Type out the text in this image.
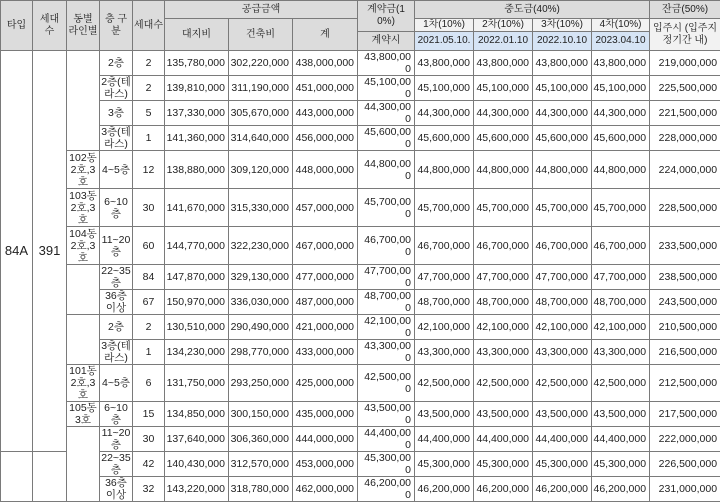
타입	세대 수	동별 라인별	층 구분	세대수	공급금액			계약금(10%)	중도금(40%)				잔금(50%)
					대지비	건축비	계		1차(10%)	2차(10%)	3차(10%)	4차(10%)	입주시 (입주지정기간 내)
								계약시	2021.05.10.	2022.01.10	2022.10.10	2023.04.10	
84A	391		2층	2	135,780,000	302,220,000	438,000,000	43,800,000	43,800,000	43,800,000	43,800,000	43,800,000	219,000,000
			2층(테라스)	2	139,810,000	311,190,000	451,000,000	45,100,000	45,100,000	45,100,000	45,100,000	45,100,000	225,500,000
			3층	5	137,330,000	305,670,000	443,000,000	44,300,000	44,300,000	44,300,000	44,300,000	44,300,000	221,500,000
			3층(테라스)	1	141,360,000	314,640,000	456,000,000	45,600,000	45,600,000	45,600,000	45,600,000	45,600,000	228,000,000
		102동 2호,3호	4~5층	12	138,880,000	309,120,000	448,000,000	44,800,000	44,800,000	44,800,000	44,800,000	44,800,000	224,000,000
		103동 2호,3호	6~10층	30	141,670,000	315,330,000	457,000,000	45,700,000	45,700,000	45,700,000	45,700,000	45,700,000	228,500,000
		104동 2호,3호	11~20층	60	144,770,000	322,230,000	467,000,000	46,700,000	46,700,000	46,700,000	46,700,000	46,700,000	233,500,000
			22~35층	84	147,870,000	329,130,000	477,000,000	47,700,000	47,700,000	47,700,000	47,700,000	47,700,000	238,500,000
			36층이상	67	150,970,000	336,030,000	487,000,000	48,700,000	48,700,000	48,700,000	48,700,000	48,700,000	243,500,000
			2층	2	130,510,000	290,490,000	421,000,000	42,100,000	42,100,000	42,100,000	42,100,000	42,100,000	210,500,000
			3층(테라스)	1	134,230,000	298,770,000	433,000,000	43,300,000	43,300,000	43,300,000	43,300,000	43,300,000	216,500,000
		101동 2호,3호	4~5층	6	131,750,000	293,250,000	425,000,000	42,500,000	42,500,000	42,500,000	42,500,000	42,500,000	212,500,000
		105동 3호	6~10층	15	134,850,000	300,150,000	435,000,000	43,500,000	43,500,000	43,500,000	43,500,000	43,500,000	217,500,000
			11~20층	30	137,640,000	306,360,000	444,000,000	44,400,000	44,400,000	44,400,000	44,400,000	44,400,000	222,000,000
			22~35층	42	140,430,000	312,570,000	453,000,000	45,300,000	45,300,000	45,300,000	45,300,000	45,300,000	226,500,000
			36층이상	32	143,220,000	318,780,000	462,000,000	46,200,000	46,200,000	46,200,000	46,200,000	46,200,000	231,000,000
